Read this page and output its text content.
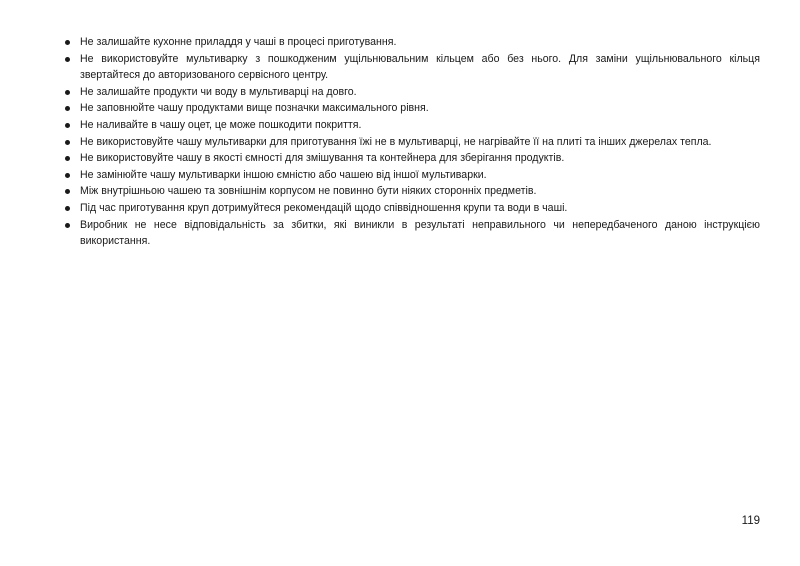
Не залишайте кухонне приладдя у чаші в процесі приготування.
Не використовуйте мультиварку з пошкодженим ущільнювальним кільцем або без нього. Для заміни ущільнювального кільця звертайтеся до авторизованого сервісного центру.
Не залишайте продукти чи воду в мультиварці на довго.
Не заповнюйте чашу продуктами вище позначки максимального рівня.
Не наливайте в чашу оцет, це може пошкодити покриття.
Не використовуйте чашу мультиварки для приготування їжі не в мультиварці, не нагрівайте її на плиті та інших джерелах тепла.
Не використовуйте чашу в якості ємності для змішування та контейнера для зберігання продуктів.
Не замінюйте чашу мультиварки іншою ємністю або чашею від іншої мультиварки.
Між внутрішньою чашею та зовнішнім корпусом не повинно бути ніяких сторонніх предметів.
Під час приготування круп дотримуйтеся рекомендацій щодо співвідношення крупи та води в чаші.
Виробник не несе відповідальність за збитки, які виникли в результаті неправильного чи непередбаченого даною інструкцією використання.
119
